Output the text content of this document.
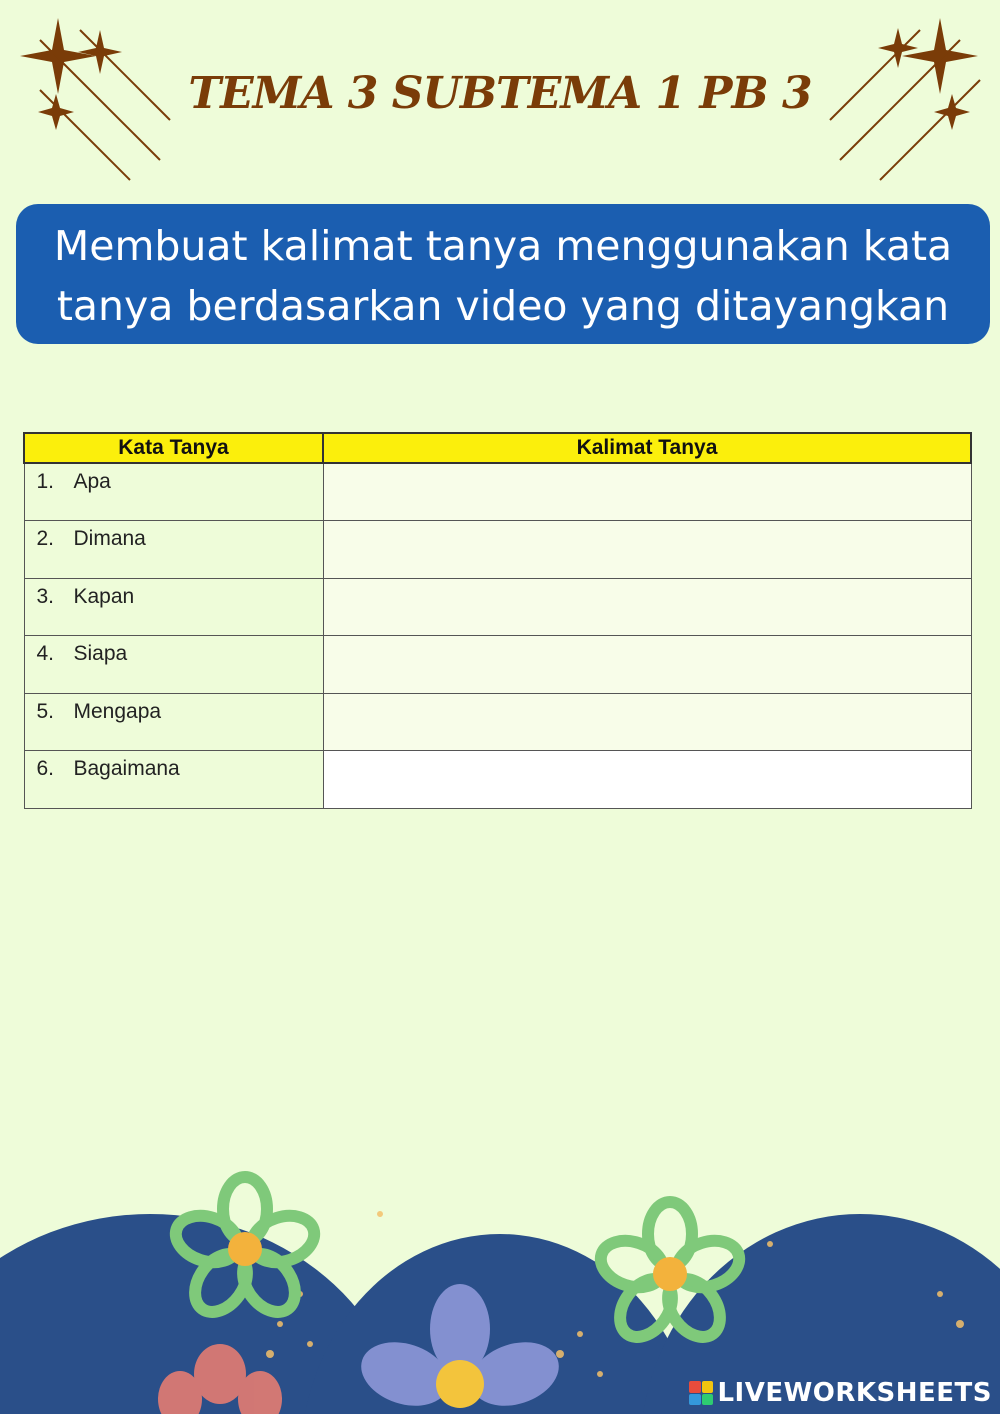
TEMA 3 SUBTEMA 1 PB 3
Membuat kalimat tanya menggunakan kata
tanya berdasarkan video yang ditayangkan
Kata Tanya	Kalimat Tanya
1. Apa	
2. Dimana	
3. Kapan	
4. Siapa	
5. Mengapa	
6. Bagaimana	
LIVEWORKSHEETS
